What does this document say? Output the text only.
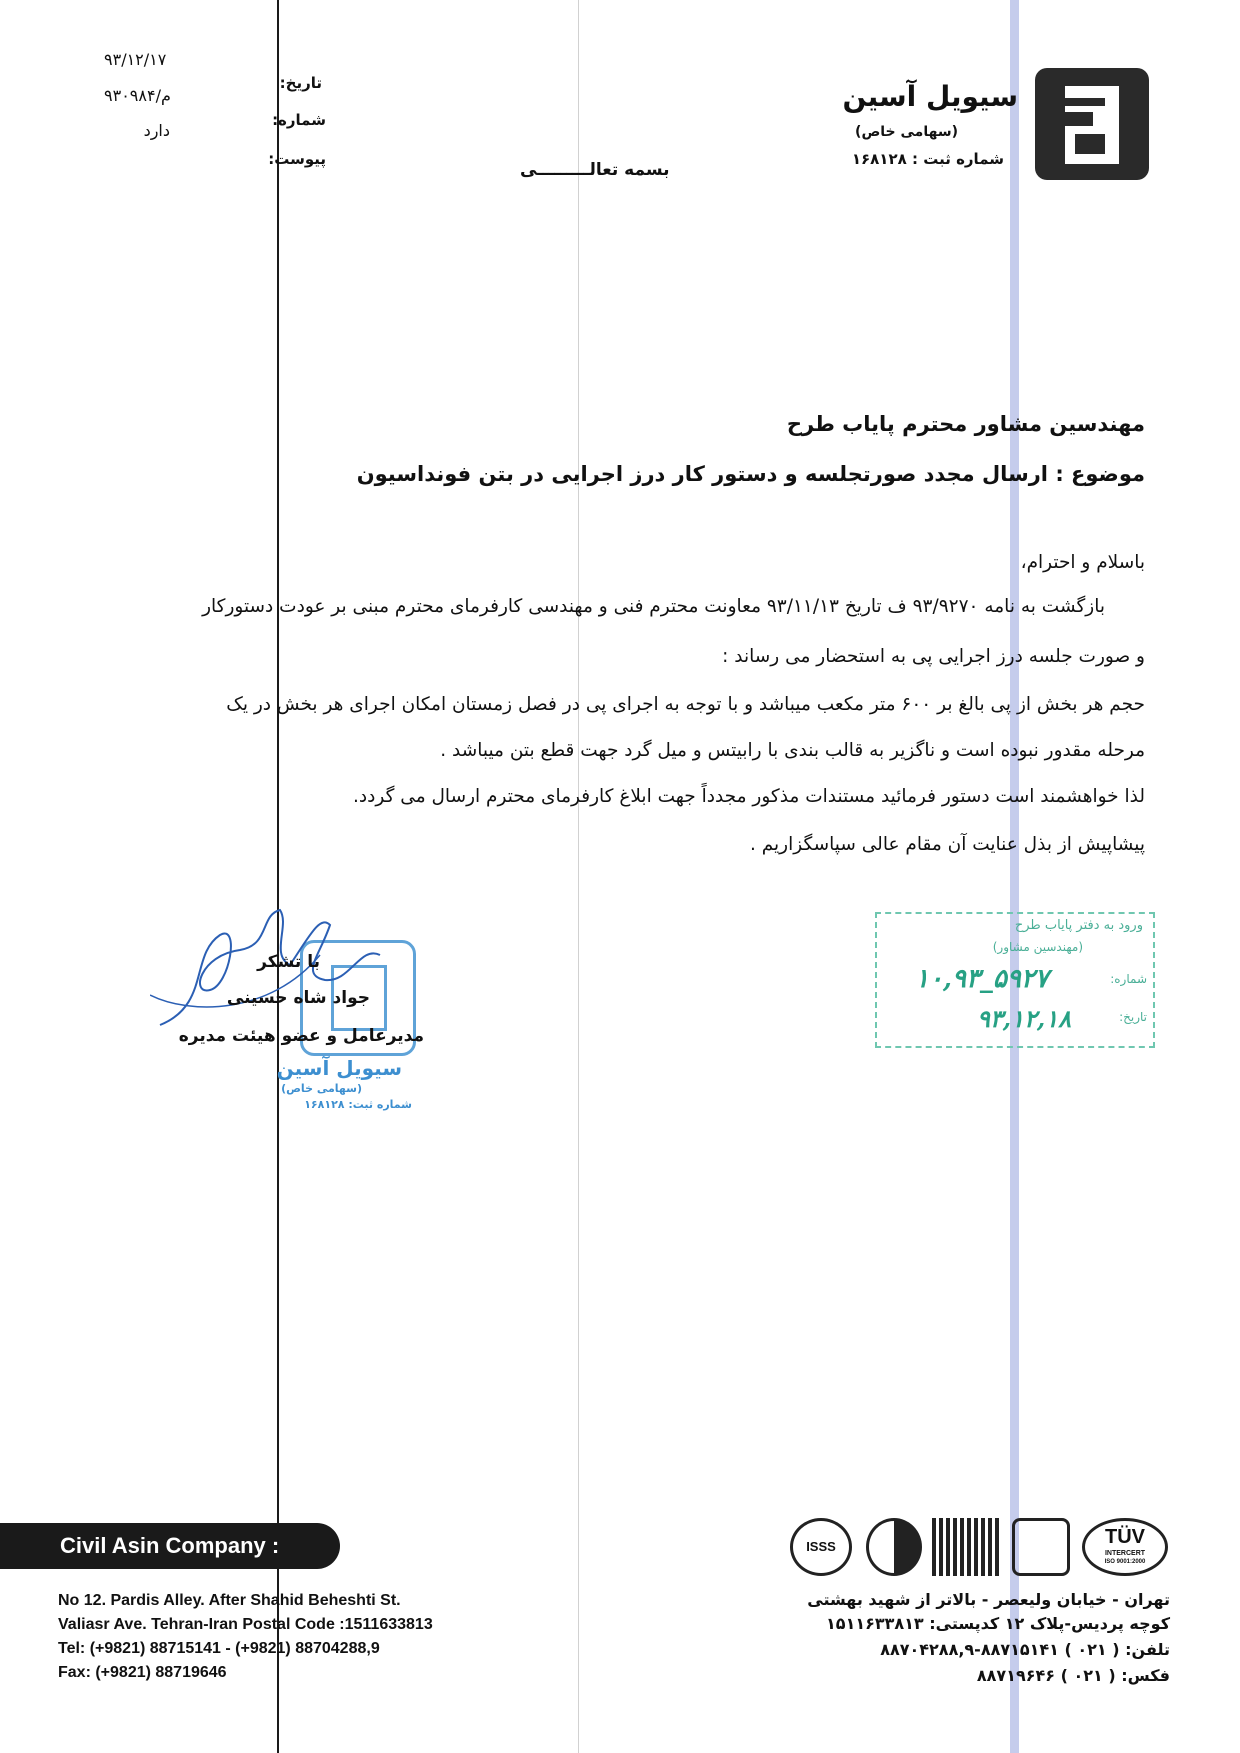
سیویل آسین
(سهامی خاص)
شماره ثبت : ۱۶۸۱۲۸
تاریخ:
شماره:
پیوست:
۹۳/۱۲/۱۷
۹۳۰۹۸۴/م
دارد
بسمه تعالـــــــــی
مهندسین مشاور محترم پایاب طرح
موضوع : ارسال مجدد صورتجلسه و دستور کار درز اجرایی در بتن فونداسیون
باسلام و احترام،
بازگشت به نامه ۹۳/۹۲۷۰ ف تاریخ ۹۳/۱۱/۱۳ معاونت محترم فنی و مهندسی کارفرمای محترم مبنی بر عودت دستورکار
و صورت جلسه درز اجرایی پی به استحضار می رساند :
حجم هر بخش از پی بالغ بر ۶۰۰ متر مکعب میباشد و با توجه به اجرای پی در فصل زمستان امکان اجرای هر بخش در یک
مرحله مقدور نبوده است و ناگزیر به قالب بندی با رابیتس و میل گرد جهت قطع بتن میباشد .
لذا خواهشمند است دستور فرمائید مستندات مذکور مجدداً جهت ابلاغ کارفرمای محترم ارسال می گردد.
پیشاپیش از بذل عنایت آن مقام عالی سپاسگزاریم .
با تشکر
جواد شاه حسینی
مدیرعامل و عضو هیئت مدیره
سیویل آسین
(سهامی خاص)
شماره ثبت: ۱۶۸۱۲۸
ورود به دفتر پایاب طرح
(مهندسین مشاور)
شماره:
تاریخ:
۱۰,۹۳_۵۹۲۷
۹۳,۱۲,۱۸
Civil Asin Company :
No 12. Pardis Alley. After Shahid Beheshti St.
Valiasr Ave. Tehran-Iran Postal Code :1511633813
Tel: (+9821) 88715141 - (+9821) 88704288,9
Fax: (+9821) 88719646
تهران - خیابان ولیعصر - بالاتر از شهید بهشتی
کوچه پردیس-پلاک ۱۲ کدپستی: ۱۵۱۱۶۳۳۸۱۳
تلفن: ( ۰۲۱ ) ۸۸۷۱۵۱۴۱-۸۸۷۰۴۲۸۸,۹
فکس: ( ۰۲۱ ) ۸۸۷۱۹۶۴۶
ISSS	TÜV
INTERCERT
ISO 9001:2000
